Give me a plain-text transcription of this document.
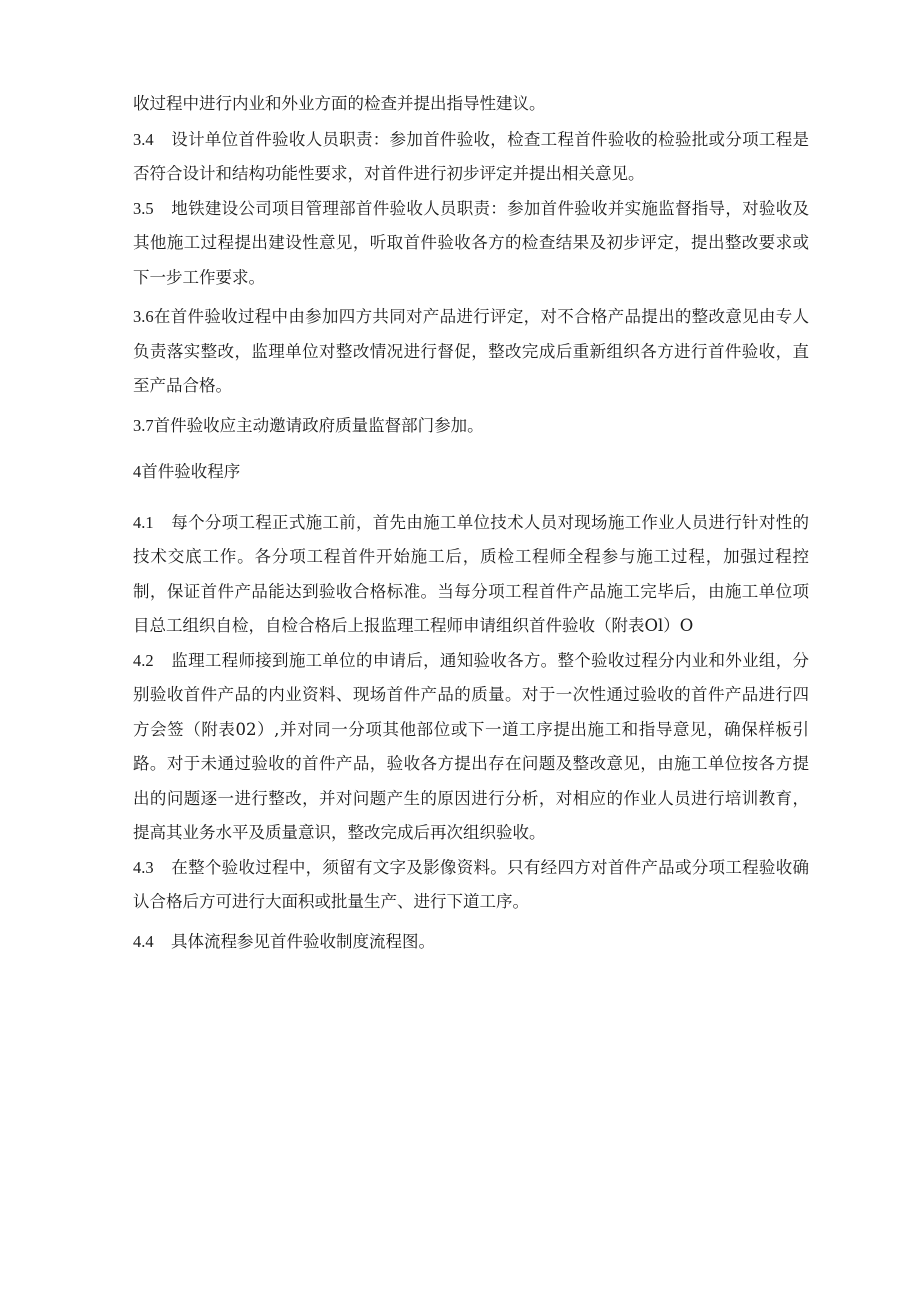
收过程中进行内业和外业方面的检查并提出指导性建议。

3.4 设计单位首件验收人员职责：参加首件验收，检查工程首件验收的检验批或分项工程是否符合设计和结构功能性要求，对首件进行初步评定并提出相关意见。

3.5 地铁建设公司项目管理部首件验收人员职责：参加首件验收并实施监督指导，对验收及其他施工过程提出建设性意见，听取首件验收各方的检查结果及初步评定，提出整改要求或下一步工作要求。

3.6在首件验收过程中由参加四方共同对产品进行评定，对不合格产品提出的整改意见由专人负责落实整改，监理单位对整改情况进行督促，整改完成后重新组织各方进行首件验收，直至产品合格。

3.7首件验收应主动邀请政府质量监督部门参加。

4首件验收程序

4.1 每个分项工程正式施工前，首先由施工单位技术人员对现场施工作业人员进行针对性的技术交底工作。各分项工程首件开始施工后，质检工程师全程参与施工过程，加强过程控制，保证首件产品能达到验收合格标准。当每分项工程首件产品施工完毕后，由施工单位项目总工组织自检，自检合格后上报监理工程师申请组织首件验收（附表Ol）O

4.2 监理工程师接到施工单位的申请后，通知验收各方。整个验收过程分内业和外业组，分别验收首件产品的内业资料、现场首件产品的质量。对于一次性通过验收的首件产品进行四方会签（附表02）,并对同一分项其他部位或下一道工序提出施工和指导意见，确保样板引路。对于未通过验收的首件产品，验收各方提出存在问题及整改意见，由施工单位按各方提出的问题逐一进行整改，并对问题产生的原因进行分析，对相应的作业人员进行培训教育，提高其业务水平及质量意识，整改完成后再次组织验收。

4.3 在整个验收过程中，须留有文字及影像资料。只有经四方对首件产品或分项工程验收确认合格后方可进行大面积或批量生产、进行下道工序。

4.4 具体流程参见首件验收制度流程图。
